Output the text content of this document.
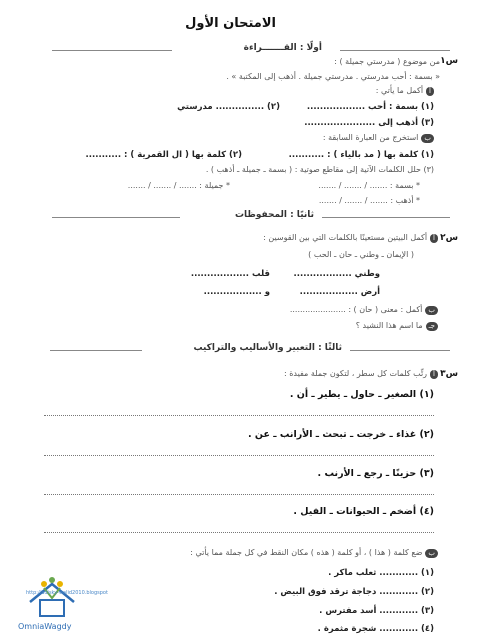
الامتحان الأول
أولًا : القـــــــراءة
س١
من موضوع ( مدرستي جميلة ) :
« بسمة : أحب مدرستي . مدرستي جميلة . أذهب إلى المكتبة » .
أأكمل ما يأتي :
(١) بسمة : أحب ..................
(٢) ............... مدرستي
(٣) أذهب إلى ......................
باستخرج من العبارة السابقة :
(١) كلمة بها ( مد بالياء ) : ...........
(٢) كلمة بها ( ال القمرية ) : ...........
(٣) حلل الكلمات الآتية إلى مقاطع صوتية : ( بسمة ـ جميلة ـ أذهب ) .
* بسمة : ....... / ....... / .......
* جميلة : ....... / ....... / .......
* أذهب : ....... / ....... / .......
ثانيًا : المحفوظات
س٢
أأكمل البيتين مستعينًا بالكلمات التي بين القوسين :
( الإيمان ـ وطني ـ حان ـ الحب )
وطني ..................
قلب ..................
أرض ..................
و ..................
بأكمل : معنى ( حان ) : ......................
جـما اسم هذا النشيد ؟
ثالثًا : التعبير والأساليب والتراكيب
س٣
أرتِّب كلمات كل سطر ، لتكون جملة مفيدة :
(١) الصغير ـ حاول ـ يطير ـ أن .
(٢) غذاء ـ خرجت ـ تبحث ـ الأرانب ـ عن .
(٣) حزينًا ـ رجع ـ الأرنب .
(٤) أضخم ـ الحيوانات ـ الفيل .
بضع كلمة ( هذا ) ، أو كلمة ( هذه ) مكان النقط في كل جملة مما يأتي :
(١) ............ ثعلب ماكر .
(٢) ............ دجاجة ترقد فوق البيض .
(٣) ............ أسد مفترس .
(٤) ............ شجرة مثمرة .
http://adisky-walid2010.blogspot
OmniaWagdy
